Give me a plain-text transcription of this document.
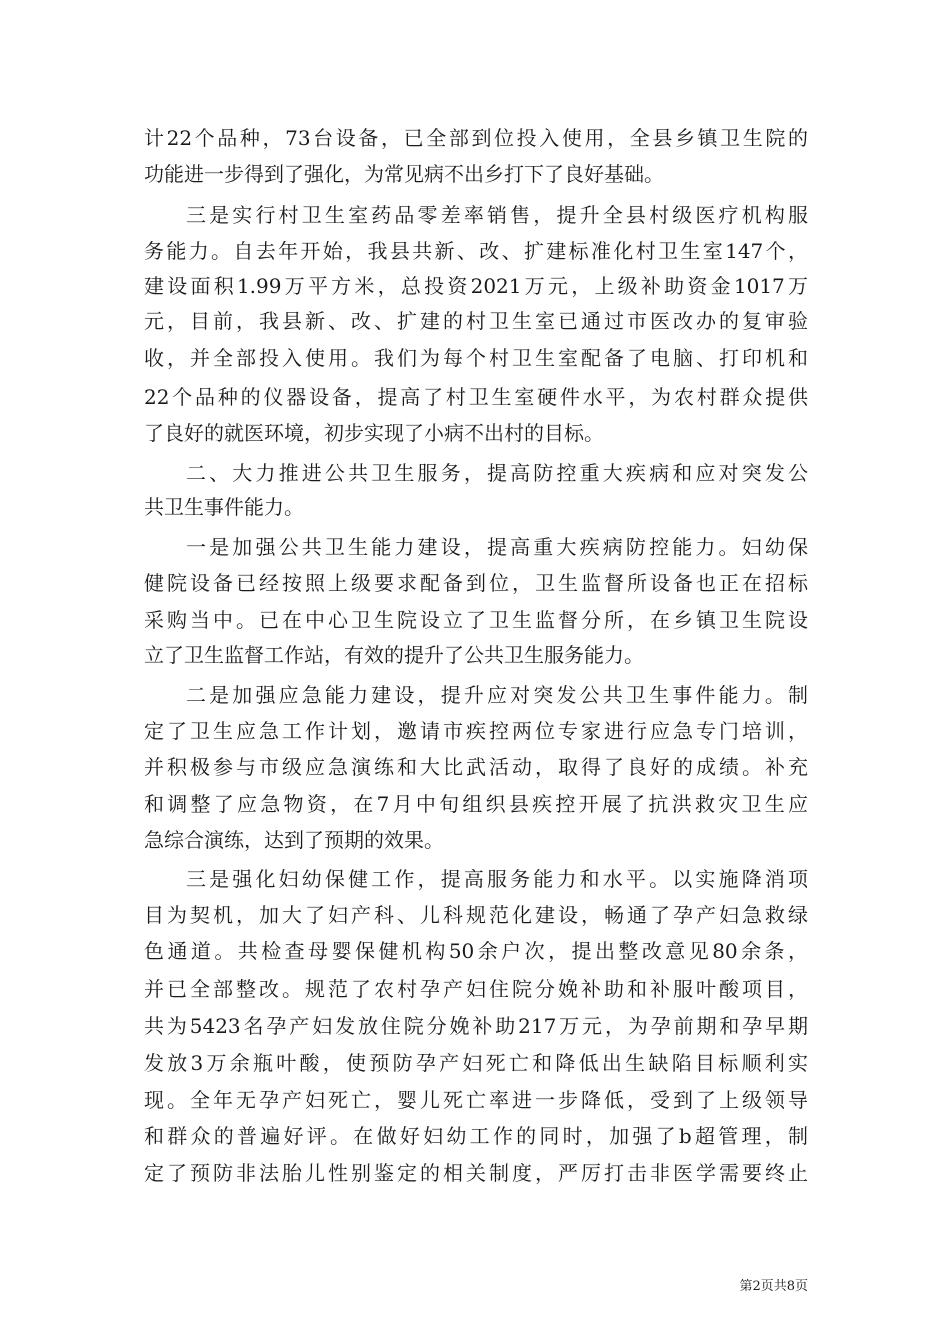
计22个品种，73台设备，已全部到位投入使用，全县乡镇卫生院的
功能进一步得到了强化，为常见病不出乡打下了良好基础。
三是实行村卫生室药品零差率销售，提升全县村级医疗机构服
务能力。自去年开始，我县共新、改、扩建标准化村卫生室147个，
建设面积1.99万平方米，总投资2021万元，上级补助资金1017万
元，目前，我县新、改、扩建的村卫生室已通过市医改办的复审验
收，并全部投入使用。我们为每个村卫生室配备了电脑、打印机和
22个品种的仪器设备，提高了村卫生室硬件水平，为农村群众提供
了良好的就医环境，初步实现了小病不出村的目标。
二、大力推进公共卫生服务，提高防控重大疾病和应对突发公
共卫生事件能力。
一是加强公共卫生能力建设，提高重大疾病防控能力。妇幼保
健院设备已经按照上级要求配备到位，卫生监督所设备也正在招标
采购当中。已在中心卫生院设立了卫生监督分所，在乡镇卫生院设
立了卫生监督工作站，有效的提升了公共卫生服务能力。
二是加强应急能力建设，提升应对突发公共卫生事件能力。制
定了卫生应急工作计划，邀请市疾控两位专家进行应急专门培训，
并积极参与市级应急演练和大比武活动，取得了良好的成绩。补充
和调整了应急物资，在7月中旬组织县疾控开展了抗洪救灾卫生应
急综合演练，达到了预期的效果。
三是强化妇幼保健工作，提高服务能力和水平。以实施降消项
目为契机，加大了妇产科、儿科规范化建设，畅通了孕产妇急救绿
色通道。共检查母婴保健机构50余户次，提出整改意见80余条，
并已全部整改。规范了农村孕产妇住院分娩补助和补服叶酸项目，
共为5423名孕产妇发放住院分娩补助217万元，为孕前期和孕早期
发放3万余瓶叶酸，使预防孕产妇死亡和降低出生缺陷目标顺利实
现。全年无孕产妇死亡，婴儿死亡率进一步降低，受到了上级领导
和群众的普遍好评。在做好妇幼工作的同时，加强了b超管理，制
定了预防非法胎儿性别鉴定的相关制度，严厉打击非医学需要终止
第2页共8页
